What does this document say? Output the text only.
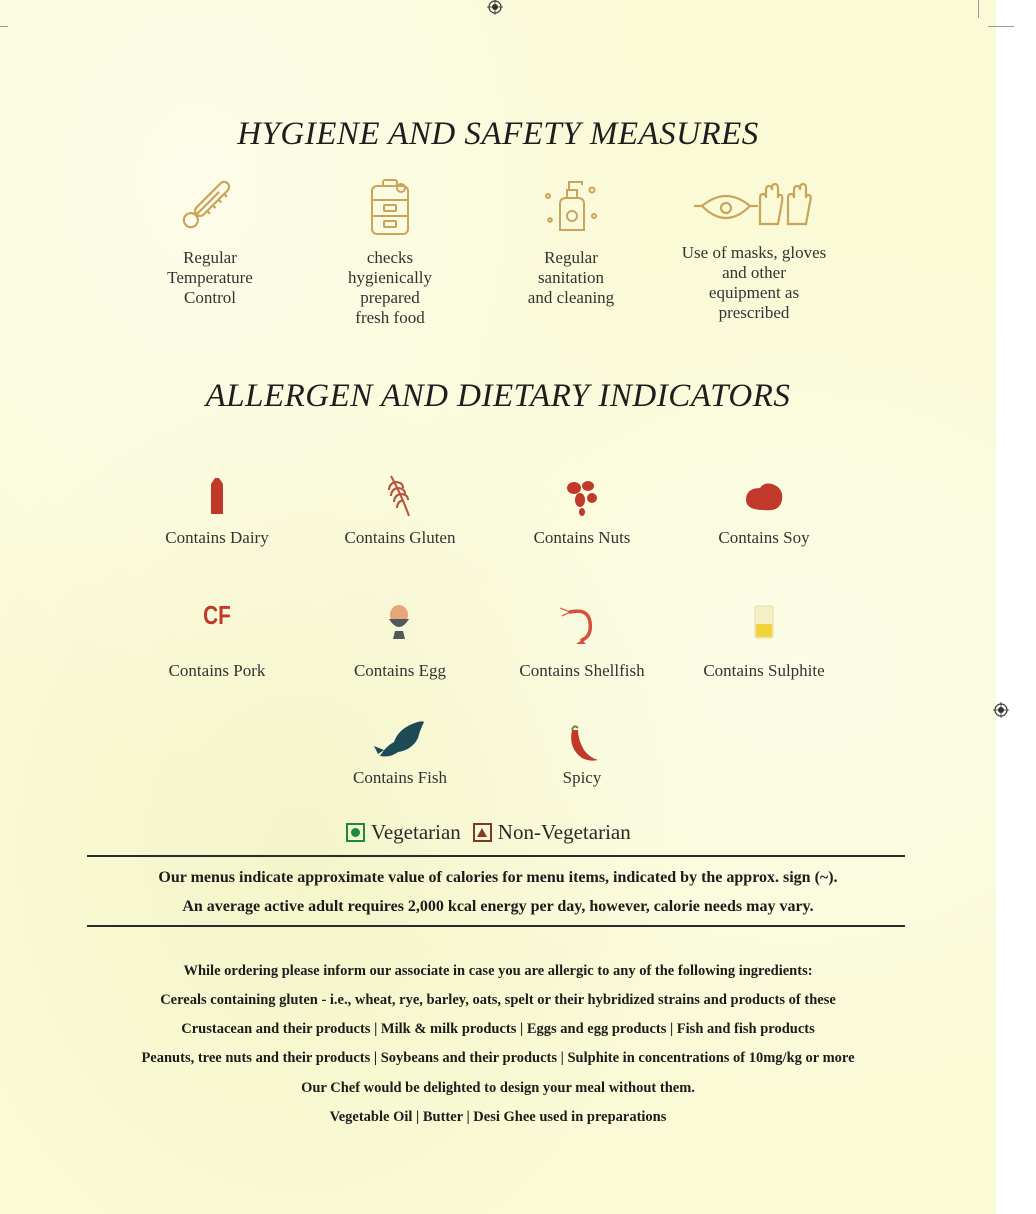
HYGIENE AND SAFETY MEASURES
Regular
Temperature
Control
checks
hygienically
prepared
fresh food
Regular
sanitation
and cleaning
Use of masks, gloves
and other
equipment as
prescribed
ALLERGEN AND DIETARY INDICATORS
Contains Dairy	Contains Gluten	Contains Nuts	Contains Soy
CF
Contains Pork	Contains Egg	Contains Shellfish	Contains Sulphite
Contains Fish	Spicy
Vegetarian Non-Vegetarian
Our menus indicate approximate value of calories for menu items, indicated by the approx. sign (~).
An average active adult requires 2,000 kcal energy per day, however, calorie needs may vary.
While ordering please inform our associate in case you are allergic to any of the following ingredients:
Cereals containing gluten - i.e., wheat, rye, barley, oats, spelt or their hybridized strains and products of these
Crustacean and their products | Milk & milk products | Eggs and egg products | Fish and fish products
Peanuts, tree nuts and their products | Soybeans and their products | Sulphite in concentrations of 10mg/kg or more
Our Chef would be delighted to design your meal without them.
Vegetable Oil | Butter | Desi Ghee used in preparations
